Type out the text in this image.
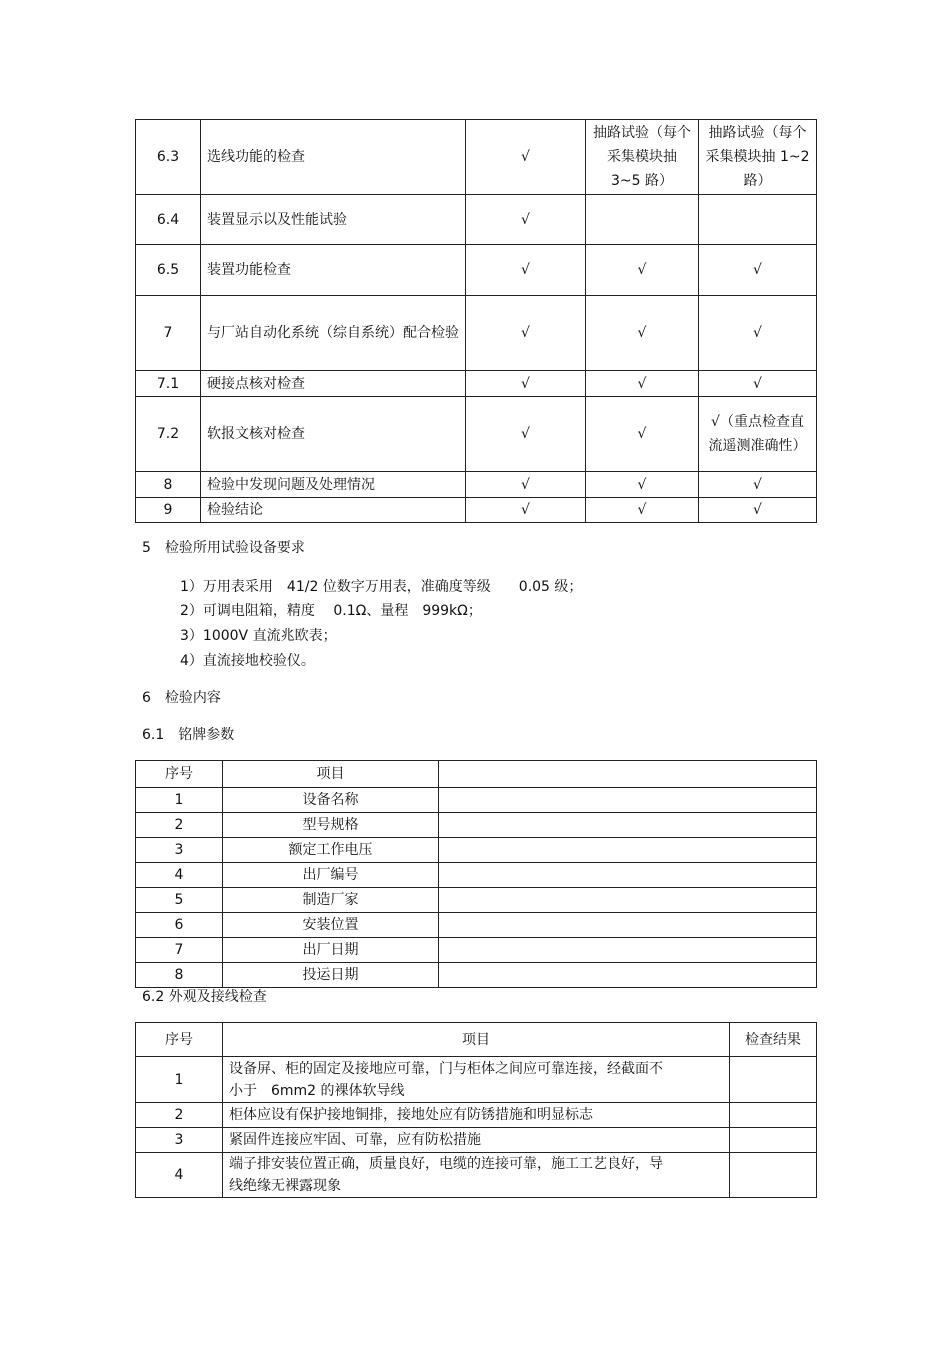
6.3	选线功能的检查	√	抽路试验（每个采集模块抽 3~5 路）	抽路试验（每个采集模块抽 1~2 路）
6.4	装置显示以及性能试验	√		
6.5	装置功能检查	√	√	√
7	与厂站自动化系统（综自系统）配合检验	√	√	√
7.1	硬接点核对检查	√	√	√
7.2	软报文核对检查	√	√	√（重点检查直流遥测准确性）
8	检验中发现问题及处理情况	√	√	√
9	检验结论	√	√	√
5　检验所用试验设备要求
1）万用表采用　41/2 位数字万用表，准确度等级　　0.05 级；
2）可调电阻箱，精度　 0.1Ω、量程　999kΩ；
3）1000V 直流兆欧表；
4）直流接地校验仪。
6　检验内容
6.1　铭牌参数
序号	项目	
1	设备名称	
2	型号规格	
3	额定工作电压	
4	出厂编号	
5	制造厂家	
6	安装位置	
7	出厂日期	
8	投运日期	
6.2 外观及接线检查
序号	项目	检查结果
1	设备屏、柜的固定及接地应可靠，门与柜体之间应可靠连接，经截面不小于　6mm2 的裸体软导线	
2	柜体应设有保护接地铜排，接地处应有防锈措施和明显标志	
3	紧固件连接应牢固、可靠，应有防松措施	
4	端子排安装位置正确，质量良好，电缆的连接可靠，施工工艺良好，导线绝缘无裸露现象	
